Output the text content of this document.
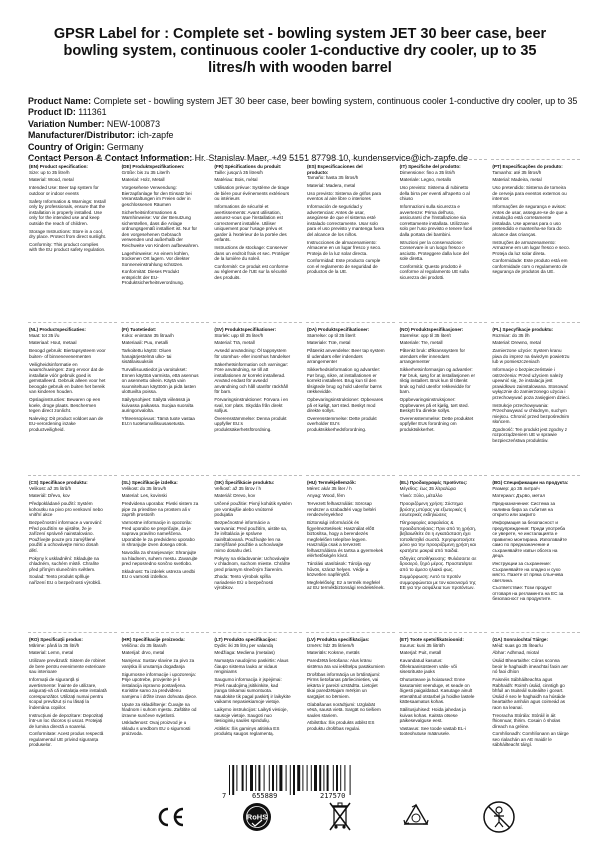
GPSR Label for : Complete set - bowling system JET 30 beer case, beer bowling system, continuous cooler 1-conductive dry cooler, up to 35 litres/h with wooden barrel
Product Name: Complete set - bowling system JET 30 beer case, beer bowling system, continuous cooler 1-conductive dry cooler, up to 35
Product ID: 111361
Variation Number: NEW-100873
Manufacturer/Distributor: ich-zapfe
Country of Origin: Germany
Contact Person & Contact Information: Hr. Stanislav Maer, +49 5151 87798 10, kundenservice@ich-zapfe.de
(EN) Product specification:

Size: up to 35 litre/h

Material: Wood, metal

Intended Use: Beer tap system for outdoor or indoor events

Safety Information & Warnings: Install only by professionals, ensure that the installation is properly installed. Use only for the intended use and keep outside the reach of children.

Storage Instructions: Store in a cool, dry place. Protect from direct sunlight.

Conformity: This product complies with the EU product safety regulation.

(DE) Produktspezifikationen:

Größe: bis zu 35 Liter/h

Material: Holz, Metall

Vorgesehene Verwendung: Bierzapfanlage für den Einsatz bei Veranstaltungen im Freien oder in geschlossenen Räumen

Sicherheitsinformationen & Warnhinweise: Vor der Benutzung sicherstellen, dass die Anlage ordnungsgemäß installiert ist. Nur für den vorgesehenen Gebrauch verwenden und außerhalb der Reichweite von Kindern aufbewahren.

Lagerhinweise: An einem kühlen, trockenen Ort lagern. Vor direkter Sonneneinstrahlung schützen.

Konformität: Dieses Produkt entspricht der EU-Produktsicherheitsverordnung.

(FR) Spécifications du produit:

Taille: jusqu'à 35 litres/h

Matériau: Bois, métal

Utilisation prévue: Système de tirage de bière pour événements extérieurs ou intérieurs

Informations de sécurité et avertissements: Avant utilisation, assurez-vous que l'installation est correctement installée. Utiliser uniquement pour l'usage prévu et garder à l'extérieur de la portée des enfants.

Instructions de stockage: Conserver dans un endroit frais et sec. Protéger de la lumière du soleil.

Conformité: Ce produit est conforme au règlement de l'UE sur la sécurité des produits.

(ES) Especificaciones del producto:

Tamaño: hasta 35 litros/h

Material: Madera, metal

Uso previsto: Sistema de grifos para eventos al aire libre o interiores

Información de seguridad y advertencias: Antes de usar, asegúrese de que el sistema esté instalado correctamente. Usar solo para el uso previsto y mantenga fuera del alcance de los niños.

Instrucciones de almacenamiento: Almacene en un lugar fresco y seco. Proteja de la luz solar directa.

Conformidad: Este producto cumple con el reglamento de seguridad de productos de la UE.

(IT) Specifiche del prodotto:

Dimensione: fino a 35 litri/h

Materiale: Legno, metallo

Uso previsto: Sistema di rubinetto della birra per eventi all'aperto o al chiuso

Informazioni sulla sicurezza e avvertenze: Prima dell'uso, assicurarsi che l'installazione sia correttamente installata. Utilizzare solo per l'uso previsto e tenere fuori dalla portata dei bambini.

Istruzioni per la conservazione: Conservare in un luogo fresco e asciutto. Proteggere dalla luce del sole diretta.

Conformità: Questo prodotto è conforme al regolamento UE sulla sicurezza dei prodotti.

(PT) Especificações do produto:

Tamanho: até 35 litros/h

Material: Madeira, metal

Uso pretendido: Sistema de torneira de cerveja para eventos externos ou internos

Informações de segurança e avisos: Antes de usar, assegure-se de que a instalação está corretamente instalada. Use apenas para o uso pretendido e mantenha-se fora do alcance das crianças.

Instruções de armazenamento: Armazene em um lugar fresco e seco. Proteja da luz solar direta.

Conformidade: Este produto está em conformidade com o regulamento de segurança de produtos da UE.

(NL) Productspecificaties:

Maat: tot 35 l/u

Materiaal: Hout, metaal

Beoogd gebruik: Biertapsysteem voor buiten- of binnenevenementen

Veiligheidsinformatie en waarschuwingen: Zorg ervoor dat de installatie vóór gebruik goed is geïnstalleerd. Gebruik alleen voor het beoogde gebruik en buiten het bereik van kinderen houden.

Opslaginstructies: Bewaren op een koele, droge plaats. Beschermen tegen direct zonlicht.

Naleving: Dit product voldoet aan de EU-verordening inzake productveiligheid.

(FI) Tuotetiedot:

Koko: enintään 35 litraa/h

Materiaali: Puu, metalli

Tarkoitettu käyttö: Oluen hanajärjestelmä ulko- tai sisätilaisuuksiin

Turvallisuustiedot ja varoitukset: Ennen käyttöä varmista, että asennus on asennettu oikein. Käytä vain suunniteltuun käyttöön ja pidä lasten ulottuvilta poissa.

Säilytysohjeet: Säilytä viileässä ja kuivassa paikassa. Suojaa suoralta auringonvalolta.

Yhteensopivuus: Tämä tuote vastaa EU:n tuoteturvallisuusasetusta.

(SV) Produktspecifikationer:

Storlek: upp till 35 liter/h

Material: Trä, metall

Avsedd användning: Öl tappsystem för utomhus- eller inomhus händelser

Säkerhetsinformation och varningar: Före användning, se till att installationen är korrekt installerad. Använd endast för avsedd användning och håll utanför räckhåll för barn.

Förvaringsinstruktioner: Förvara i en sval, torr plats. Skydda från direkt solljus.

Överensstämmelse: Denna produkt uppfyller EU:s produktsäkerhetsförordning.

(DA) Produktspecifikationer:

Størrelse: op til 35 liter/t

Materiale: Træ, metal

Påtænkt anvendelse: Beer tap system til udendørs eller indendørs arrangementer

Sikkerhedsinformation og advarsler: Før brug, sikre, at installationen er korrekt installeret. Brug kun til den tilsigtede brug og hold udenfor børns rækkevidde.

Opbevaringsinstruktioner: Opbevares på et køligt, tørt sted. Beskyt mod direkte sollys.

Overensstemmelse: Dette produkt overholder EU's produktsikkerhedsforordning.

(NO) Produktspesifikasjoner:

Størrelse: opp til 35 liter/t

Materiale: Tre, metall

Påtenkt bruk: Ølkranssystem for utendørs eller innendørs arrangementer

Sikkerhetsinformasjon og advarsler: Før bruk, sørg for at installasjonen er riktig installert. Bruk kun til tiltenkt bruk og hold utenfor rekkevidde for barn.

Oppbevaringsinstruksjoner: Oppbevares på et kjølig, tørt sted. Beskytt fra direkte sollys.

Overensstemmelse: Dette produktet oppfyller EUs forordning om produktsikkerhet.

(PL) Specyfikacje produktu:

Rozmiar: do 35 l/h

Materiał: Drewno, metal

Zamierzone użycie: System kranu piwa do imprez na świeżym powietrzu lub w pomieszczeniach

Informacje o bezpieczeństwie i ostrzeżenia: Przed użyciem należy upewnić się, że instalacja jest prawidłowo zainstalowana. Stosować wyłącznie do zamierzonego użycia i przechowywać poza zasięgiem dzieci.

Instrukcje przechowywania: Przechowywać w chłodnym, suchym miejscu. Chronić przed bezpośrednim słońcem.

Zgodność: Ten produkt jest zgodny z rozporządzeniem UE w sprawie bezpieczeństwa produktów.

(CS) Specifikace produktu:

Velikost: až 35 litrů/h

Materiál: Dřevo, kov

Předpokládané použití: Systém kohoutku na pivo pro venkovní nebo vnitřní akce

Bezpečnostní informace a varování: Před použitím se ujistěte, že je zařízení správně nainstalováno. Používejte pouze pro zamýšlené použití a uchovávejte mimo dosah dětí.

Pokyny k uskladnění: Skladujte na chladném, suchém místě. Chraňte před přímým slunečním světlem.

Soulad: Tento produkt splňuje nařízení EU o bezpečnosti výrobků.

(SL) Specifikacije izdelka:

Velikost: do 35 litrov/h

Material: Les, kovinski

Predvidena uporaba: Pivski sistem za pipe za prireditve na prostem ali v zaprtih prostorih

Varnostne informacije in opozorila: Pred uporabo se prepričajte, da je naprava pravilno nameščena. Uporabite le za predvideno uporabo in shranjujte izven dosega otrok.

Navodila za shranjevanje: Shranjujte na hladnem, suhem mestu. Zavarujte pred neposredno sončno svetlobo.

Skladnost: Ta izdelek ustreza uredbi EU o varnosti izdelkov.

(SK) Špecifikácie produktu:

Veľkosť: až 35 litrov / h

Materiál: Drevo, kov

Určené použitie: Pivný kohútik systém pre vonkajšie alebo vnútorné podujatia

Bezpečnostné informácie a varovania: Pred použitím, uistite sa, že inštalácia je správne nainštalovaná. Používajte len na zamýšľané použitie a uchovávajte mimo dosahu detí.

Pokyny na skladovanie: Uchovávajte v chladnom, suchom mieste. Chráňte pred priamym slnečným žiarením.

Zhoda: Tento výrobok spĺňa nariadenie EÚ o bezpečnosti výrobkov.

(HU) Termékjellemzők:

Méret: akár 35 liter / h

Anyag: Wood, fém

Tervezett felhasználás: Sörcsap rendszer a szabadtéri vagy beltéri rendezvényekhez

Biztonsági információk és figyelmeztetések: Használat előtt biztosítsa, hogy a berendezés megfelelően telepítve legyen. Használja csak a tervezett felhasználásra és tartsa a gyermekek elérhetőségén kívül.

Tárolási utasítások: Tárolja egy hűvös, száraz helyen. Védje a közvetlen napfénytől.

Megfelelőség: Ez a termék megfelel az EU termékbiztonsági rendeletének.

(EL) Προδιαγραφές προϊόντος:

Μέγεθος: έως 35 λίτρα/ώρα

Υλικό: Ξύλο, μέταλλο

Προοριζόμενη χρήση: Σύστημα βρύσης μπύρας για εξωτερικές ή εσωτερικές εκδηλώσεις

Πληροφορίες ασφαλείας & προειδοποιήσεις: Πριν από τη χρήση, βεβαιωθείτε ότι η εγκατάσταση έχει τοποθετηθεί σωστά. Χρησιμοποιήστε μόνο για την προοριζόμενη χρήση και κρατήστε μακριά από παιδιά.

Οδηγίες αποθήκευσης: Φυλάσσετε σε δροσερό, ξηρό μέρος. Προστατέψτε από το άμεσο ηλιακό φως.

Συμμόρφωση: Αυτό το προϊόν συμμορφώνεται με τον κανονισμό της ΕΕ για την ασφάλεια των προϊόντων.

(BG) Спецификации на продукта:

Размер: до 35 литра/ч

Материал: Дърво, метал

Предназначение: Система за наливна бира за събития на открито или закрито

Информация за безопасност и предупреждения: Преди употреба се уверете, че инсталацията е правилно монтирана. Използвайте само по предназначение и съхранявайте извън обсега на деца.

Инструкции за съхранение: Съхранявайте на хладно и сухо място. Пазете от пряка слънчева светлина.

Съответствие: Този продукт отговаря на регламента на ЕС за безопасност на продуктите.

(RO) Specificații produs:

Mărime: până la 35 litri/h

Material: Lemn, metal

Utilizare prevăzută: Sistem de robinet de bere pentru evenimente exterioare sau interioare

Informații de siguranță și avertismente: Înainte de utilizare, asigurați-vă că instalația este instalată corespunzător. Utilizați numai pentru scopul prevăzut și nu lăsați la îndemâna copiilor.

Instrucțiuni de depozitare: Depozitați într-un loc răcoros și uscat. Protejați de lumina directă a soarelui.

Conformitate: Acest produs respectă regulamentul UE privind siguranța produselor.

(HR) Specifikacije proizvoda:

Veličina: do 35 litara/h

Materijal: drvo, metal

Namjena: Sustav slavine za pivo za vanjska ili unutarnja događanja

Sigurnosne informacije i upozorenja: Prije upotrebe, provjerite je li instalacija ispravno postavljena. Koristite samo za predviđenu namjenu i držite izvan dohvata djece.

Upute za skladištenje: Čuvajte na hladnom i suhom mjestu. Zaštitite od izravne sunčeve svjetlosti.

Usklađenost: Ovaj proizvod je u skladu s uredbom EU o sigurnosti proizvoda.

(LT) Produkto specifikacijos:

Dydis: iki 35 litrų per valandą

Medžiaga: Mediena (metalas)

Numatyta naudojimo paskirtis: Alaus čiaupo sistema lauko ar vidaus renginiams

Saugumo informacija ir įspėjimai: Prieš naudojimą įsitikinkite, kad įranga tinkamai sumontuota. Naudokite tik pagal paskirtį ir laikykite vaikams nepasiekiamoje vietoje.

Laikymo instrukcijos: Laikyti vėsioje, sausoje vietoje. Saugoti nuo tiesioginių saulės spindulių.

Atitiktis: Šis gaminys atitinka ES produktų saugos reglamentą.

(LV) Produkta specifikācijas:

Izmērs: līdz 35 litriem/h

Materiāls: Koksne, metāls

Paredzētā lietošana: Alus krānu sistēma āra vai iekštelpu pasākumiem

Drošības informācija un brīdinājumi: Pirms lietošanas pārliecinieties, vai iekārta ir pareizi uzstādīta. Lietojiet tikai paredzētajam mērķim un sargājiet no bērniem.

Glabāšanas norādījumi: Uzglabāt vēsā, sausā vietā. Sargāt no tiešiem saules stariem.

Atbilstība: Šis produkts atbilst ES produktu drošības regulai.

(ET) Toote spetsifikatsioonid:

Suurus: kuni 35 liitrit/h

Materjal: Puit, metall

Kavandatud kasutus: Õllekraanisüsteem välis- või siseürituste jaoks

Ohutusteave ja hoiatused: Enne kasutamist veenduge, et seade on õigesti paigaldatud. Kasutage ainult ettenähtud otstarbel ja hoidke lastele kättesaamatus kohas.

Säilitusjuhised: Hoida jahedas ja kuivas kohas. Kaitsta otsese päikesevalguse eest.

Vastavus: See toode vastab EL-i tooteohutuse määrusele.

(GA) Sonraíochtaí Táirge:

Méid: suas go 35 lítear/u

Ábhar: Adhmad, miotal

Úsáid Bheartaithe: Córas sconna beoir le haghaidh imeachtaí faoin aer nó faoi dhíon

Faisnéis Sábháilteachta agus Rabhaidh: Roimh úsáid, cinntigh go bhfuil an tsuiteáil suiteáilte i gceart. Úsáid é seo le haghaidh na húsáide beartaithe amháin agus coimeád as raon na leanaí.

Treoracha Stórála: Stóráil in áit fhionnuar, thirim. Cosain ó sholas díreach na gréine.

Comhlíonadh: Comhlíonann an táirge seo rialachán an AE maidir le sábháilteacht táirgí.

7	655889	217570
RoHS
